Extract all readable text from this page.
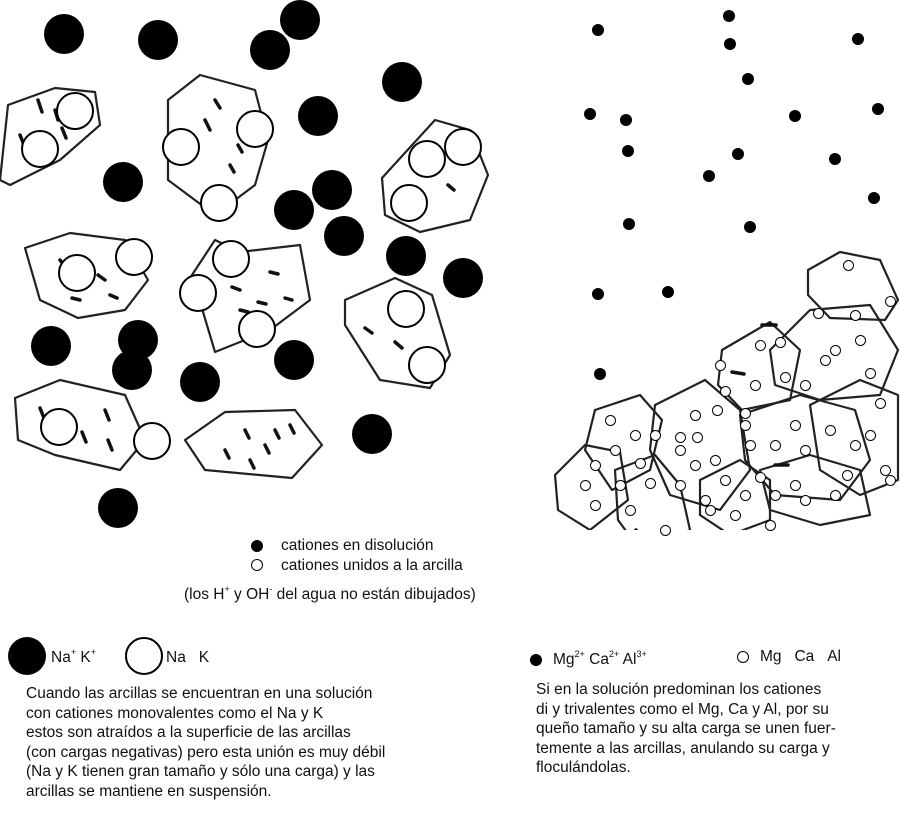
cationes en disolución
cationes unidos a la arcilla
(los H+ y OH- del agua no están dibujados)
Na+ K+	Na K
Cuando las arcillas se encuentran en una solución
con cationes monovalentes como el Na y K
estos son atraídos a la superficie de las arcillas
(con cargas negativas) pero esta unión es muy débil
(Na y K tienen gran tamaño y sólo una carga) y las
arcillas se mantiene en suspensión.
$Mg^{2+}$ $Ca^{2+}$ $Al^{3+}$	Mg Ca Al
Si en la solución predominan los cationes
di y trivalentes como el Mg, Ca y Al, por su
queño tamaño y su alta carga se unen fuer-
temente a las arcillas, anulando su carga y
floculándolas.
